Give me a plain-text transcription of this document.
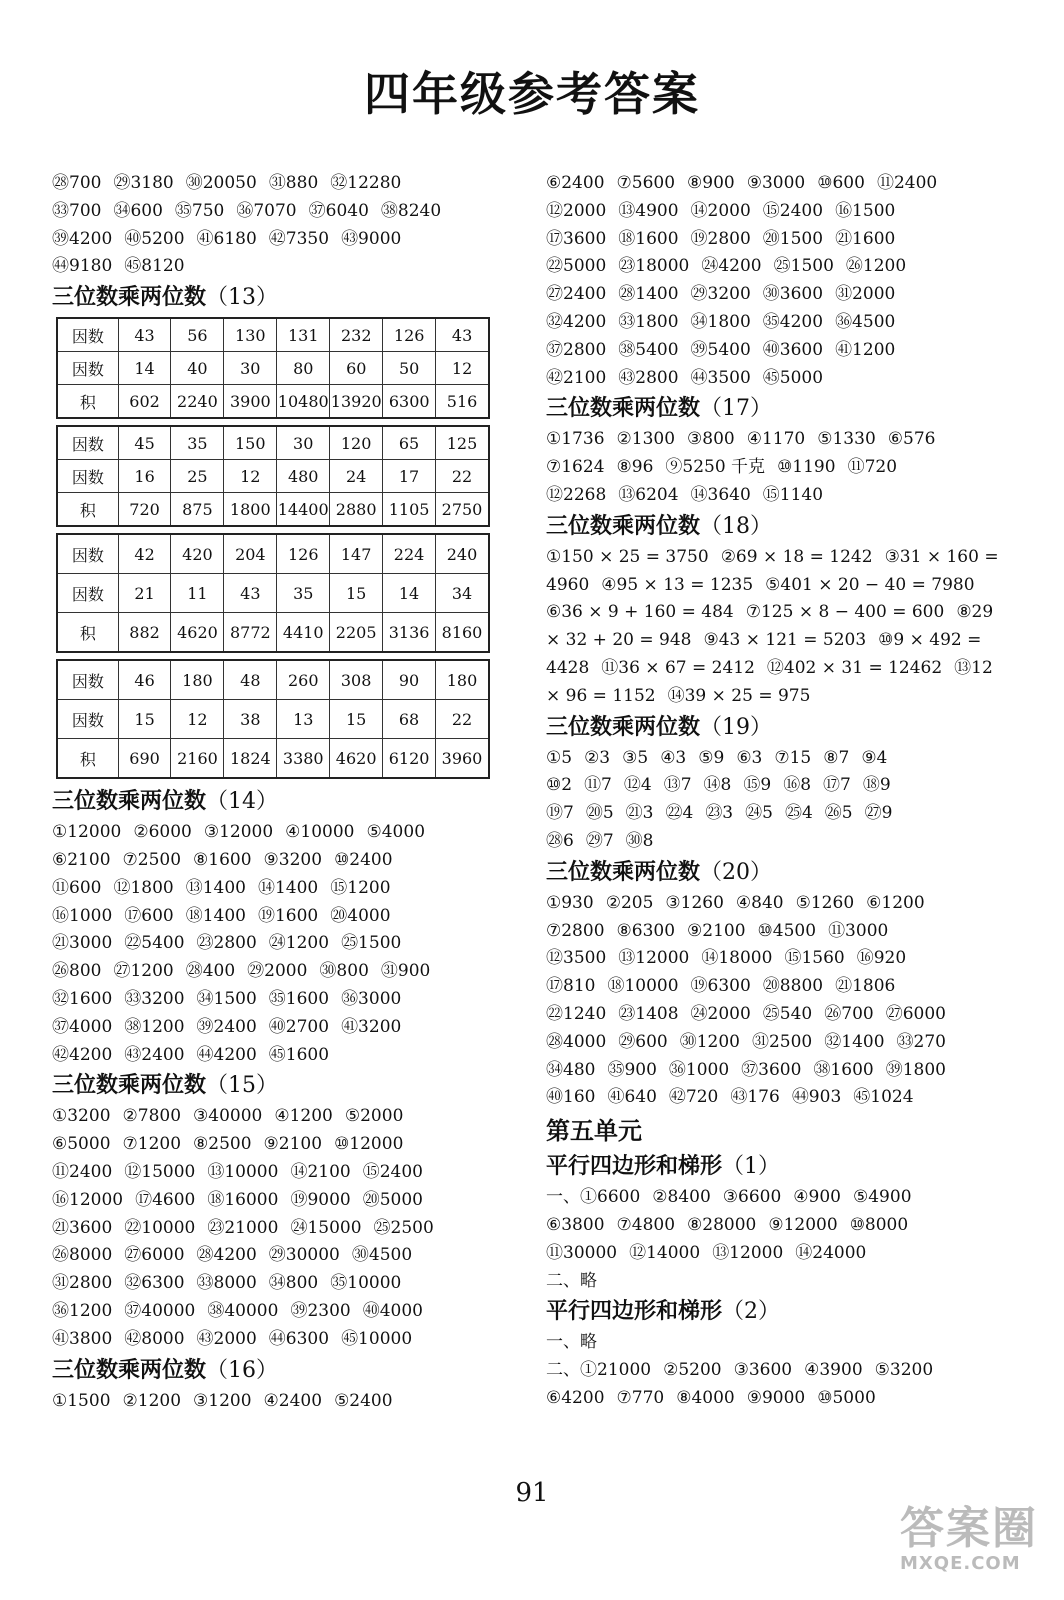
四年级参考答案
㉘700 ㉙3180 ㉚20050 ㉛880 ㉜12280
㉝700 ㉞600 ㉟750 ㊱7070 ㊲6040 ㊳8240
㊴4200 ㊵5200 ㊶6180 ㊷7350 ㊸9000
㊹9180 ㊺8120
三位数乘两位数（13）
因数	43	56	130	131	232	126	43
因数	14	40	30	80	60	50	12
积	602	2240	3900	10480	13920	6300	516
因数	45	35	150	30	120	65	125
因数	16	25	12	480	24	17	22
积	720	875	1800	14400	2880	1105	2750
因数	42	420	204	126	147	224	240
因数	21	11	43	35	15	14	34
积	882	4620	8772	4410	2205	3136	8160
因数	46	180	48	260	308	90	180
因数	15	12	38	13	15	68	22
积	690	2160	1824	3380	4620	6120	3960
三位数乘两位数（14）
①12000 ②6000 ③12000 ④10000 ⑤4000
⑥2100 ⑦2500 ⑧1600 ⑨3200 ⑩2400
⑪600 ⑫1800 ⑬1400 ⑭1400 ⑮1200
⑯1000 ⑰600 ⑱1400 ⑲1600 ⑳4000
㉑3000 ㉒5400 ㉓2800 ㉔1200 ㉕1500
㉖800 ㉗1200 ㉘400 ㉙2000 ㉚800 ㉛900
㉜1600 ㉝3200 ㉞1500 ㉟1600 ㊱3000
㊲4000 ㊳1200 ㊴2400 ㊵2700 ㊶3200
㊷4200 ㊸2400 ㊹4200 ㊺1600
三位数乘两位数（15）
①3200 ②7800 ③40000 ④1200 ⑤2000
⑥5000 ⑦1200 ⑧2500 ⑨2100 ⑩12000
⑪2400 ⑫15000 ⑬10000 ⑭2100 ⑮2400
⑯12000 ⑰4600 ⑱16000 ⑲9000 ⑳5000
㉑3600 ㉒10000 ㉓21000 ㉔15000 ㉕2500
㉖8000 ㉗6000 ㉘4200 ㉙30000 ㉚4500
㉛2800 ㉜6300 ㉝8000 ㉞800 ㉟10000
㊱1200 ㊲40000 ㊳40000 ㊴2300 ㊵4000
㊶3800 ㊷8000 ㊸2000 ㊹6300 ㊺10000
三位数乘两位数（16）
①1500 ②1200 ③1200 ④2400 ⑤2400
⑥2400 ⑦5600 ⑧900 ⑨3000 ⑩600 ⑪2400
⑫2000 ⑬4900 ⑭2000 ⑮2400 ⑯1500
⑰3600 ⑱1600 ⑲2800 ⑳1500 ㉑1600
㉒5000 ㉓18000 ㉔4200 ㉕1500 ㉖1200
㉗2400 ㉘1400 ㉙3200 ㉚3600 ㉛2000
㉜4200 ㉝1800 ㉞1800 ㉟4200 ㊱4500
㊲2800 ㊳5400 ㊴5400 ㊵3600 ㊶1200
㊷2100 ㊸2800 ㊹3500 ㊺5000
三位数乘两位数（17）
①1736 ②1300 ③800 ④1170 ⑤1330 ⑥576
⑦1624 ⑧96 ⑨5250 千克 ⑩1190 ⑪720
⑫2268 ⑬6204 ⑭3640 ⑮1140
三位数乘两位数（18）
①150 × 25 = 3750 ②69 × 18 = 1242 ③31 × 160 =
4960 ④95 × 13 = 1235 ⑤401 × 20 − 40 = 7980
⑥36 × 9 + 160 = 484 ⑦125 × 8 − 400 = 600 ⑧29
× 32 + 20 = 948 ⑨43 × 121 = 5203 ⑩9 × 492 =
4428 ⑪36 × 67 = 2412 ⑫402 × 31 = 12462 ⑬12
× 96 = 1152 ⑭39 × 25 = 975
三位数乘两位数（19）
①5 ②3 ③5 ④3 ⑤9 ⑥3 ⑦15 ⑧7 ⑨4
⑩2 ⑪7 ⑫4 ⑬7 ⑭8 ⑮9 ⑯8 ⑰7 ⑱9
⑲7 ⑳5 ㉑3 ㉒4 ㉓3 ㉔5 ㉕4 ㉖5 ㉗9
㉘6 ㉙7 ㉚8
三位数乘两位数（20）
①930 ②205 ③1260 ④840 ⑤1260 ⑥1200
⑦2800 ⑧6300 ⑨2100 ⑩4500 ⑪3000
⑫3500 ⑬12000 ⑭18000 ⑮1560 ⑯920
⑰810 ⑱10000 ⑲6300 ⑳8800 ㉑1806
㉒1240 ㉓1408 ㉔2000 ㉕540 ㉖700 ㉗6000
㉘4000 ㉙600 ㉚1200 ㉛2500 ㉜1400 ㉝270
㉞480 ㉟900 ㊱1000 ㊲3600 ㊳1600 ㊴1800
㊵160 ㊶640 ㊷720 ㊸176 ㊹903 ㊺1024
第五单元
平行四边形和梯形（1）
一、①6600 ②8400 ③6600 ④900 ⑤4900
⑥3800 ⑦4800 ⑧28000 ⑨12000 ⑩8000
⑪30000 ⑫14000 ⑬12000 ⑭24000
二、略
平行四边形和梯形（2）
一、略
二、①21000 ②5200 ③3600 ④3900 ⑤3200
⑥4200 ⑦770 ⑧4000 ⑨9000 ⑩5000
91
答案圈
MXQE.COM
